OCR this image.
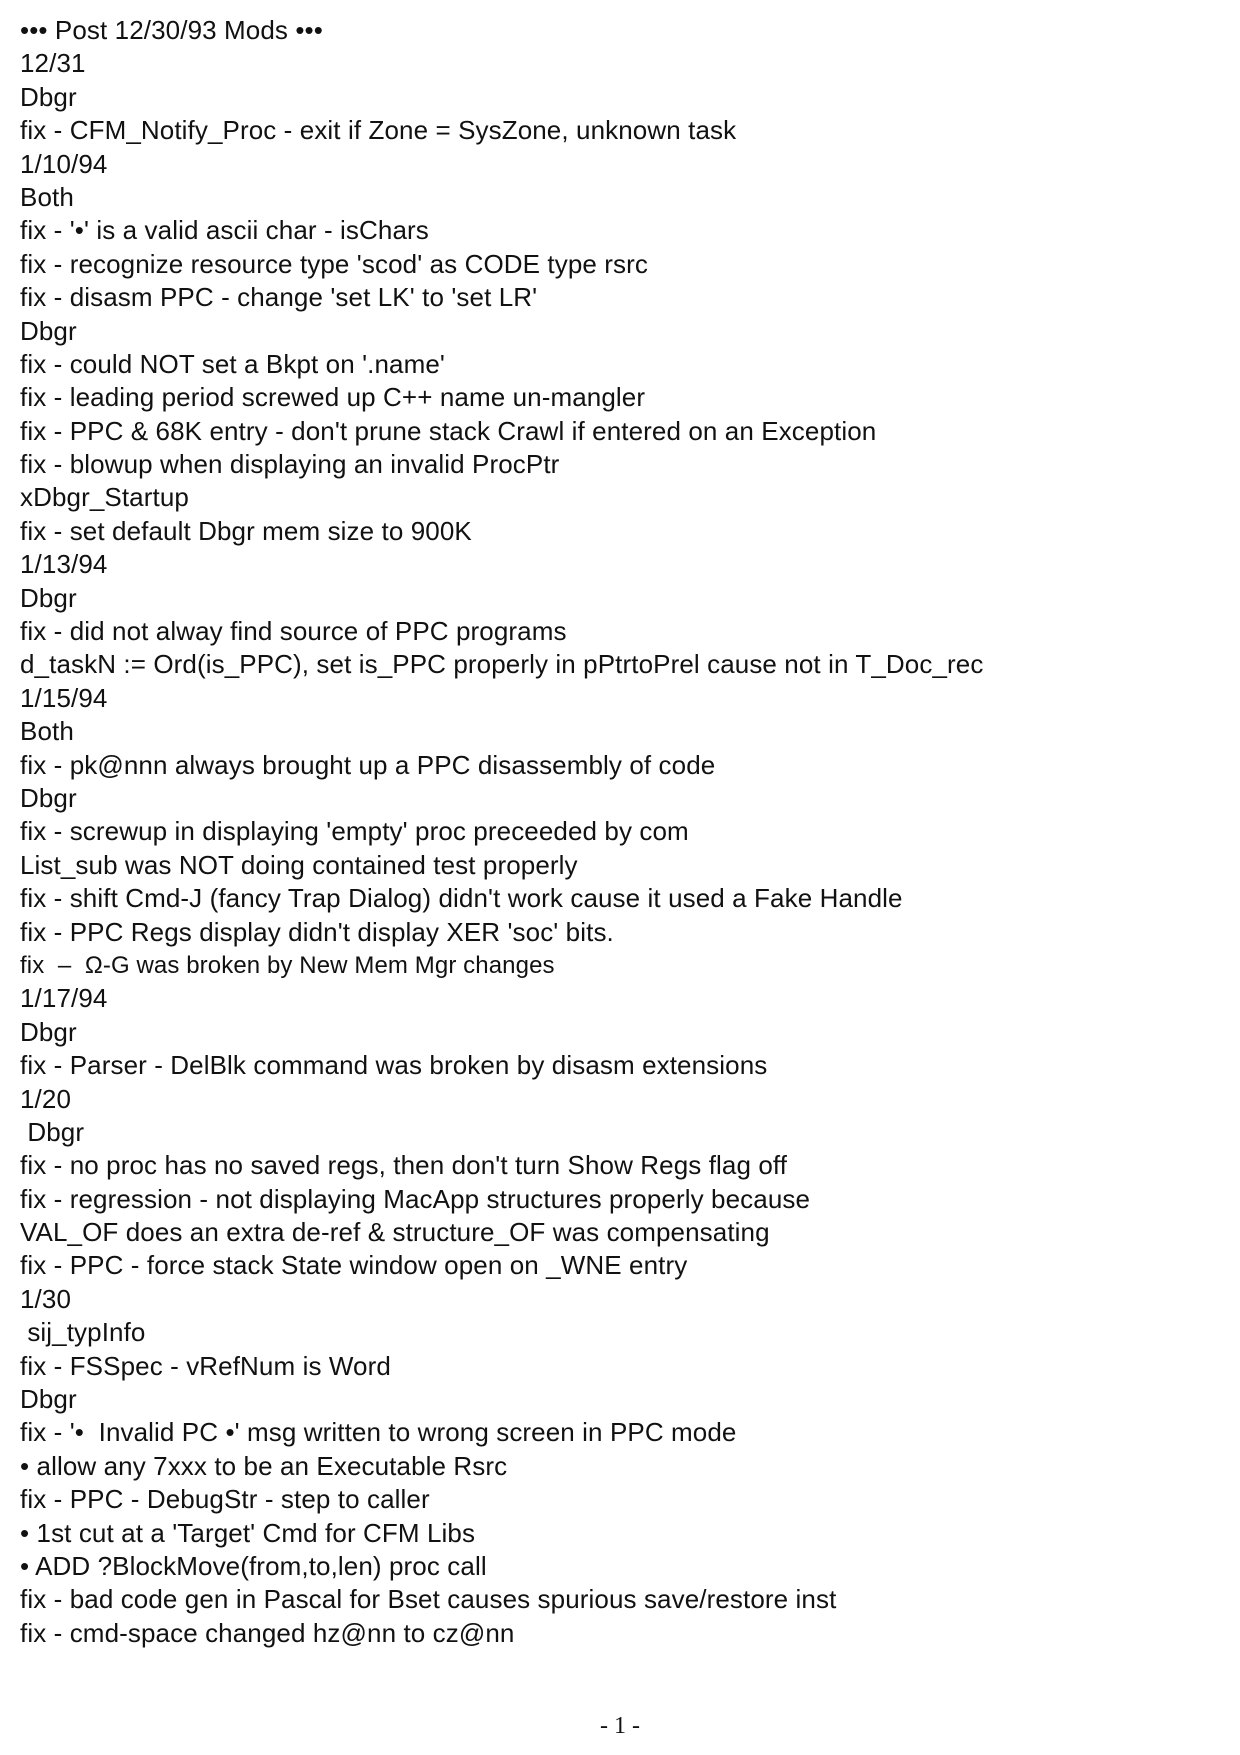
••• Post 12/30/93 Mods •••
12/31
Dbgr
fix - CFM_Notify_Proc - exit if Zone = SysZone, unknown task
1/10/94
Both
fix - '•' is a valid ascii char - isChars
fix - recognize resource type 'scod' as CODE type rsrc
fix - disasm PPC - change 'set LK' to 'set LR'
Dbgr
fix - could NOT set a Bkpt on '.name'
fix - leading period screwed up C++ name un-mangler
fix - PPC & 68K entry - don't prune stack Crawl if entered on an Exception
fix - blowup when displaying an invalid ProcPtr
xDbgr_Startup
fix - set default Dbgr mem size to 900K
1/13/94
Dbgr
fix - did not alway find source of PPC programs
d_taskN := Ord(is_PPC), set is_PPC properly in pPtrtoPrel cause not in T_Doc_rec
1/15/94
Both
fix - pk@nnn always brought up a PPC disassembly of code
Dbgr
fix - screwup in displaying 'empty' proc preceeded by com
List_sub was NOT doing contained test properly
fix - shift Cmd-J (fancy Trap Dialog) didn't work cause it used a Fake Handle
fix - PPC Regs display didn't display XER 'soc' bits.
fix  –  Ω-G was broken by New Mem Mgr changes
1/17/94
Dbgr
fix - Parser - DelBlk command was broken by disasm extensions
1/20
Dbgr
fix - no proc has no saved regs, then don't turn Show Regs flag off
fix - regression - not displaying MacApp structures properly because
VAL_OF does an extra de-ref & structure_OF was compensating
fix - PPC - force stack State window open on _WNE entry
1/30
sij_typInfo
fix - FSSpec - vRefNum is Word
Dbgr
fix - '•  Invalid PC •' msg written to wrong screen in PPC mode
• allow any 7xxx to be an Executable Rsrc
fix - PPC - DebugStr - step to caller
• 1st cut at a 'Target' Cmd for CFM Libs
• ADD ?BlockMove(from,to,len) proc call
fix - bad code gen in Pascal for Bset causes spurious save/restore inst
fix - cmd-space changed hz@nn to cz@nn
- 1 -
